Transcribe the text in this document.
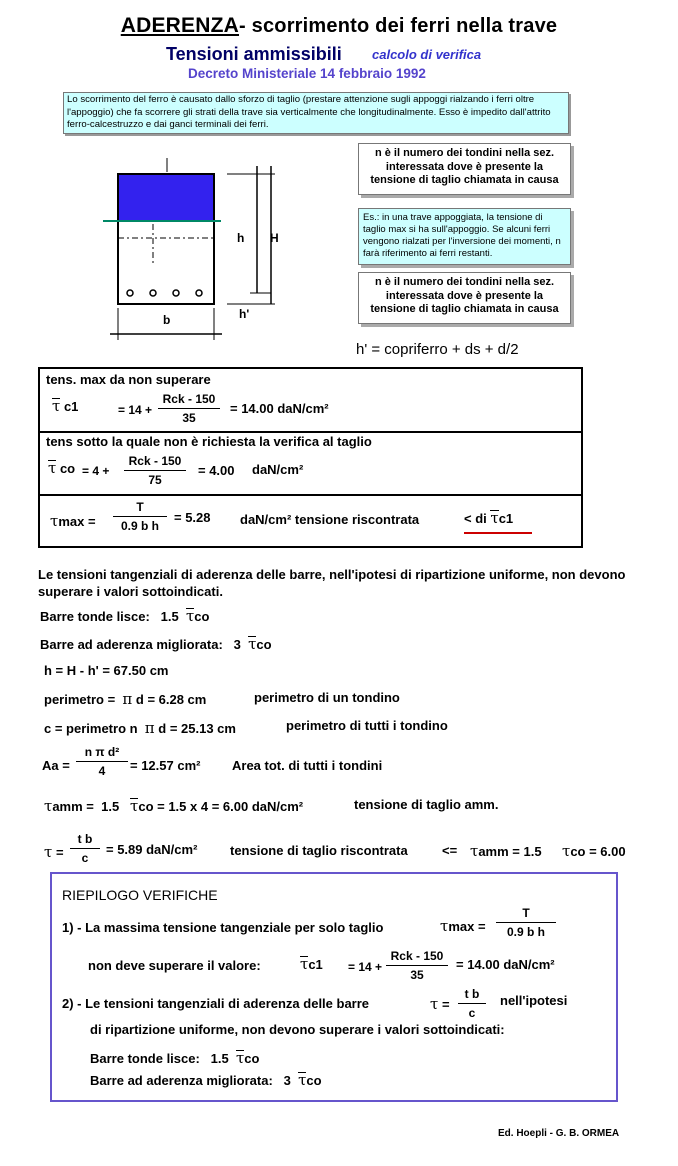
ADERENZA- scorrimento dei ferri nella trave
Tensioni ammissibili calcolo di verifica
Decreto Ministeriale 14 febbraio 1992
Lo scorrimento del ferro è causato dallo sforzo di taglio (prestare attenzione sugli appoggi rialzando i ferri oltre l'appoggio) che fa scorrere gli strati della trave sia verticalmente che longitudinalmente. Esso è impedito dall'attrito ferro-calcestruzzo e dai ganci terminali dei ferri.
h H
b	h'
n è il numero dei tondini nella sez. interessata dove è presente la tensione di taglio chiamata in causa
Es.: in una trave appoggiata, la tensione di taglio max si ha sull'appoggio. Se alcuni ferri vengono rialzati per l'inversione dei momenti, n farà riferimento ai ferri restanti.
n è il numero dei tondini nella sez. interessata dove è presente la tensione di taglio chiamata in causa
h' = copriferro + ds + d/2
tens. max da non superare
τ c1	= 14 +
Rck - 150
35
= 14.00 daN/cm²
tens sotto la quale non è richiesta la verifica al taglio
τ co = 4 +
Rck - 150
75
= 4.00 daN/cm²
τmax =
T
0.9 b h
= 5.28 daN/cm² tensione riscontrata	< di τc1
Le tensioni tangenziali di aderenza delle barre, nell'ipotesi di ripartizione uniforme, non devono superare i valori sottoindicati.
Barre tonde lisce: 1.5 τco
Barre ad aderenza migliorata: 3 τco
h = H - h' = 67.50 cm
perimetro = π d = 6.28 cm	perimetro di un tondino
c = perimetro n π d = 25.13 cm	perimetro di tutti i tondino
Aa =
n π d²
4	= 12.57 cm² Area tot. di tutti i tondini
τamm = 1.5 τco = 1.5 x 4 = 6.00 daN/cm²	tensione di taglio amm.
τ =
t b
c
= 5.89 daN/cm²	tensione di taglio riscontrata	<= τamm = 1.5 τco = 6.00
RIEPILOGO VERIFICHE
1) - La massima tensione tangenziale per solo taglio	τmax =
T
0.9 b h
non deve superare il valore:	τc1 = 14 +
Rck - 150
35
= 14.00 daN/cm²
2) - Le tensioni tangenziali di aderenza delle barre	τ =
t b
c
nell'ipotesi
di ripartizione uniforme, non devono superare i valori sottoindicati:
Barre tonde lisce: 1.5 τco
Barre ad aderenza migliorata: 3 τco
Ed. Hoepli - G. B. ORMEA
